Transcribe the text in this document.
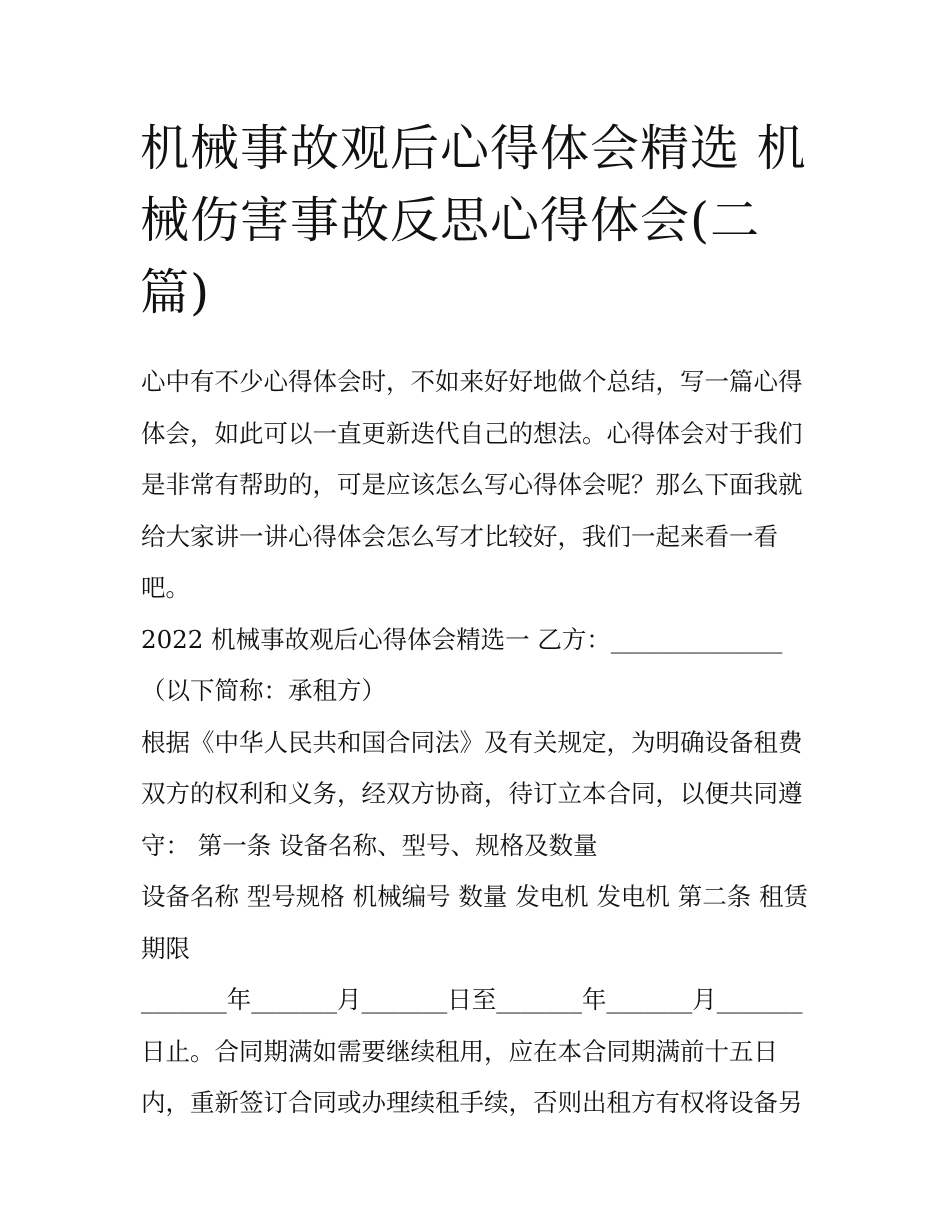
机械事故观后心得体会精选 机械伤害事故反思心得体会(二篇)

心中有不少心得体会时，不如来好好地做个总结，写一篇心得体会，如此可以一直更新迭代自己的想法。心得体会对于我们是非常有帮助的，可是应该怎么写心得体会呢？那么下面我就给大家讲一讲心得体会怎么写才比较好，我们一起来看一看吧。

2022 机械事故观后心得体会精选一 乙方：______________（以下简称：承租方）

根据《中华人民共和国合同法》及有关规定，为明确设备租费双方的权利和义务，经双方协商，待订立本合同，以便共同遵守： 第一条 设备名称、型号、规格及数量

设备名称 型号规格 机械编号 数量 发电机 发电机 第二条 租赁期限

_______年_______月_______日至_______年_______月_______

日止。合同期满如需要继续租用，应在本合同期满前十五日内，重新签订合同或办理续租手续，否则出租方有权将设备另
